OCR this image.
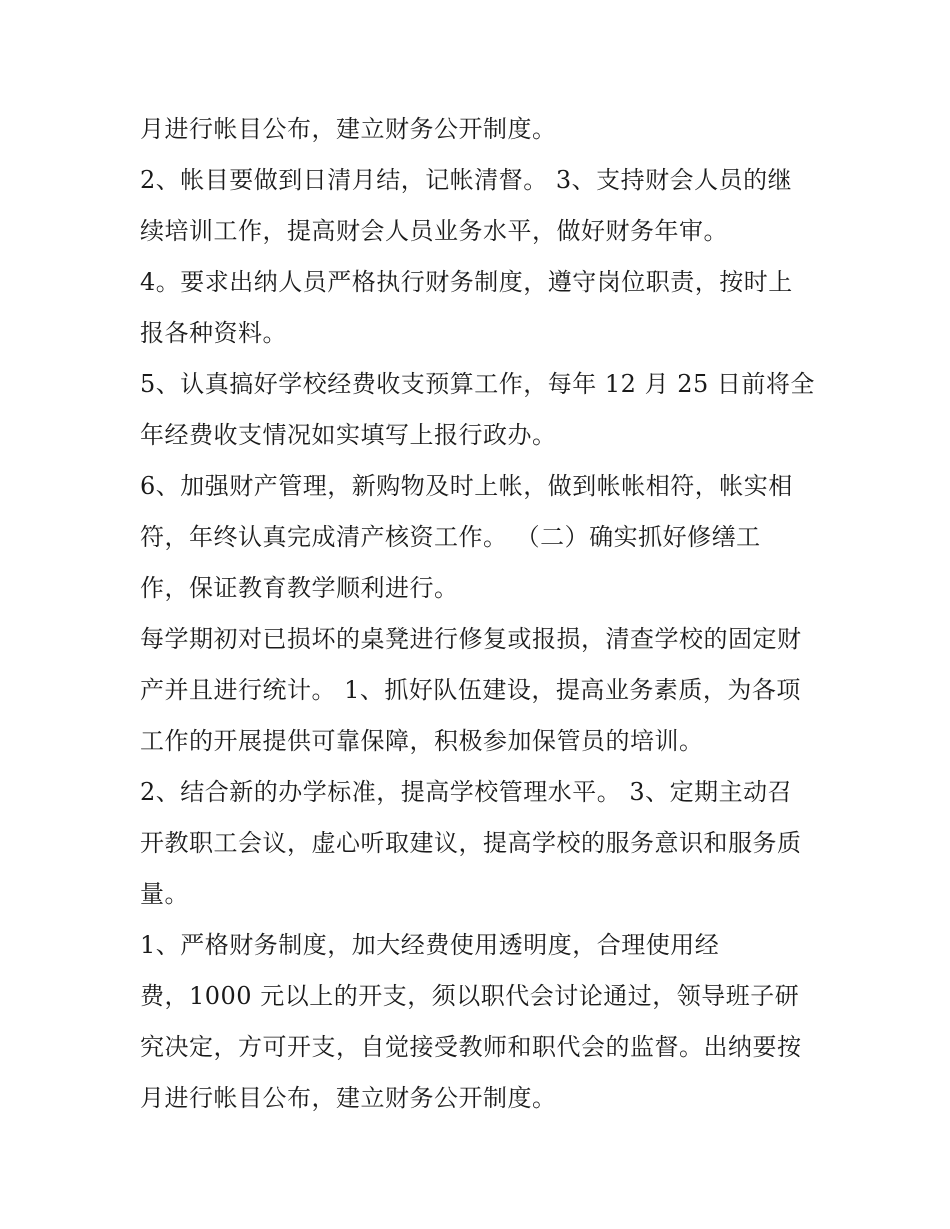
月进行帐目公布，建立财务公开制度。
2、帐目要做到日清月结，记帐清督。 3、支持财会人员的继
续培训工作，提高财会人员业务水平，做好财务年审。
4。要求出纳人员严格执行财务制度，遵守岗位职责，按时上
报各种资料。
5、认真搞好学校经费收支预算工作，每年 12 月 25 日前将全
年经费收支情况如实填写上报行政办。
6、加强财产管理，新购物及时上帐，做到帐帐相符，帐实相
符，年终认真完成清产核资工作。 （二）确实抓好修缮工
作，保证教育教学顺利进行。
每学期初对已损坏的桌凳进行修复或报损，清查学校的固定财
产并且进行统计。 1、抓好队伍建设，提高业务素质，为各项
工作的开展提供可靠保障，积极参加保管员的培训。
2、结合新的办学标准，提高学校管理水平。 3、定期主动召
开教职工会议，虚心听取建议，提高学校的服务意识和服务质
量。
1、严格财务制度，加大经费使用透明度，合理使用经
费，1000 元以上的开支，须以职代会讨论通过，领导班子研
究决定，方可开支，自觉接受教师和职代会的监督。出纳要按
月进行帐目公布，建立财务公开制度。
